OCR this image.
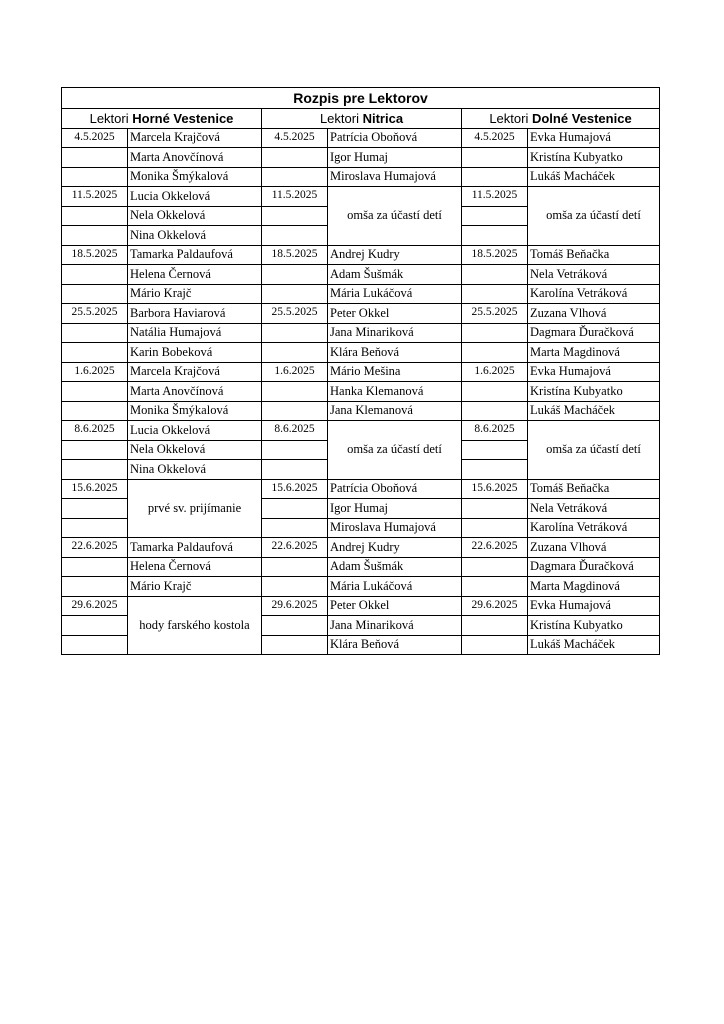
Rozpis pre Lektorov					
Lektori Horné Vestenice		Lektori Nitrica		Lektori Dolné Vestenice	
4.5.2025	Marcela Krajčová	4.5.2025	Patrícia Oboňová	4.5.2025	Evka Humajová
	Marta Anovčínová		Igor Humaj		Kristína Kubyatko
	Monika Šmýkalová		Miroslava Humajová		Lukáš Macháček
11.5.2025	Lucia Okkelová	11.5.2025	omša za účastí detí	11.5.2025	omša za účastí detí
	Nela Okkelová				
	Nina Okkelová				
18.5.2025	Tamarka Paldaufová	18.5.2025	Andrej Kudry	18.5.2025	Tomáš Beňačka
	Helena Černová		Adam Šušmák		Nela Vetráková
	Mário Krajč		Mária Lukáčová		Karolína Vetráková
25.5.2025	Barbora Haviarová	25.5.2025	Peter Okkel	25.5.2025	Zuzana Vlhová
	Natália Humajová		Jana Minariková		Dagmara Ďuračková
	Karin Bobeková		Klára Beňová		Marta Magdinová
1.6.2025	Marcela Krajčová	1.6.2025	Mário Mešina	1.6.2025	Evka Humajová
	Marta Anovčínová		Hanka Klemanová		Kristína Kubyatko
	Monika Šmýkalová		Jana Klemanová		Lukáš Macháček
8.6.2025	Lucia Okkelová	8.6.2025	omša za účastí detí	8.6.2025	omša za účastí detí
	Nela Okkelová				
	Nina Okkelová				
15.6.2025	prvé sv. prijímanie	15.6.2025	Patrícia Oboňová	15.6.2025	Tomáš Beňačka
			Igor Humaj		Nela Vetráková
			Miroslava Humajová		Karolína Vetráková
22.6.2025	Tamarka Paldaufová	22.6.2025	Andrej Kudry	22.6.2025	Zuzana Vlhová
	Helena Černová		Adam Šušmák		Dagmara Ďuračková
	Mário Krajč		Mária Lukáčová		Marta Magdinová
29.6.2025	hody farského kostola	29.6.2025	Peter Okkel	29.6.2025	Evka Humajová
			Jana Minariková		Kristína Kubyatko
			Klára Beňová		Lukáš Macháček
